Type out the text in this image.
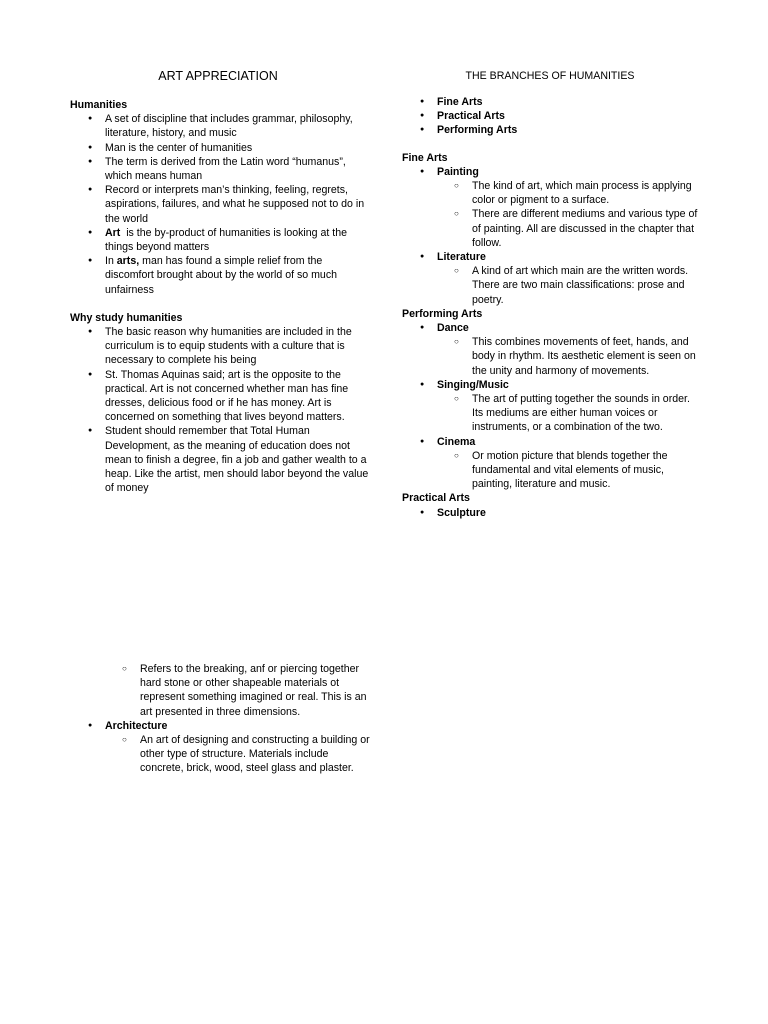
ART APPRECIATION
Humanities
● A set of discipline that includes grammar, philosophy, literature, history, and music
● Man is the center of humanities
● The term is derived from the Latin word “humanus”, which means human
● Record or interprets man’s thinking, feeling, regrets, aspirations, failures, and what he supposed not to do in the world
● Art  is the by-product of humanities is looking at the things beyond matters
● In arts, man has found a simple relief from the discomfort brought about by the world of so much unfairness
Why study humanities
● The basic reason why humanities are included in the curriculum is to equip students with a culture that is necessary to complete his being
● St. Thomas Aquinas said; art is the opposite to the practical. Art is not concerned whether man has fine dresses, delicious food or if he has money. Art is concerned on something that lives beyond matters.
● Student should remember that Total Human Development, as the meaning of education does not mean to finish a degree, fin a job and gather wealth to a heap. Like the artist, men should labor beyond the value of money
○ Refers to the breaking, anf or piercing together hard stone or other shapeable materials ot represent something imagined or real. This is an art presented in three dimensions.
● Architecture
○ An art of designing and constructing a building or other type of structure. Materials include concrete, brick, wood, steel glass and plaster.
THE BRANCHES OF HUMANITIES
● Fine Arts
● Practical Arts
● Performing Arts
Fine Arts
● Painting
○ The kind of art, which main process is applying color or pigment to a surface.
○ There are different mediums and various type of of painting. All are discussed in the chapter that follow.
● Literature
○ A kind of art which main are the written words. There are two main classifications: prose and poetry.
Performing Arts
● Dance
○ This combines movements of feet, hands, and body in rhythm. Its aesthetic element is seen on the unity and harmony of movements.
● Singing/Music
○ The art of putting together the sounds in order. Its mediums are either human voices or instruments, or a combination of the two.
● Cinema
○ Or motion picture that blends together the fundamental and vital elements of music, painting, literature and music.
Practical Arts
● Sculpture
